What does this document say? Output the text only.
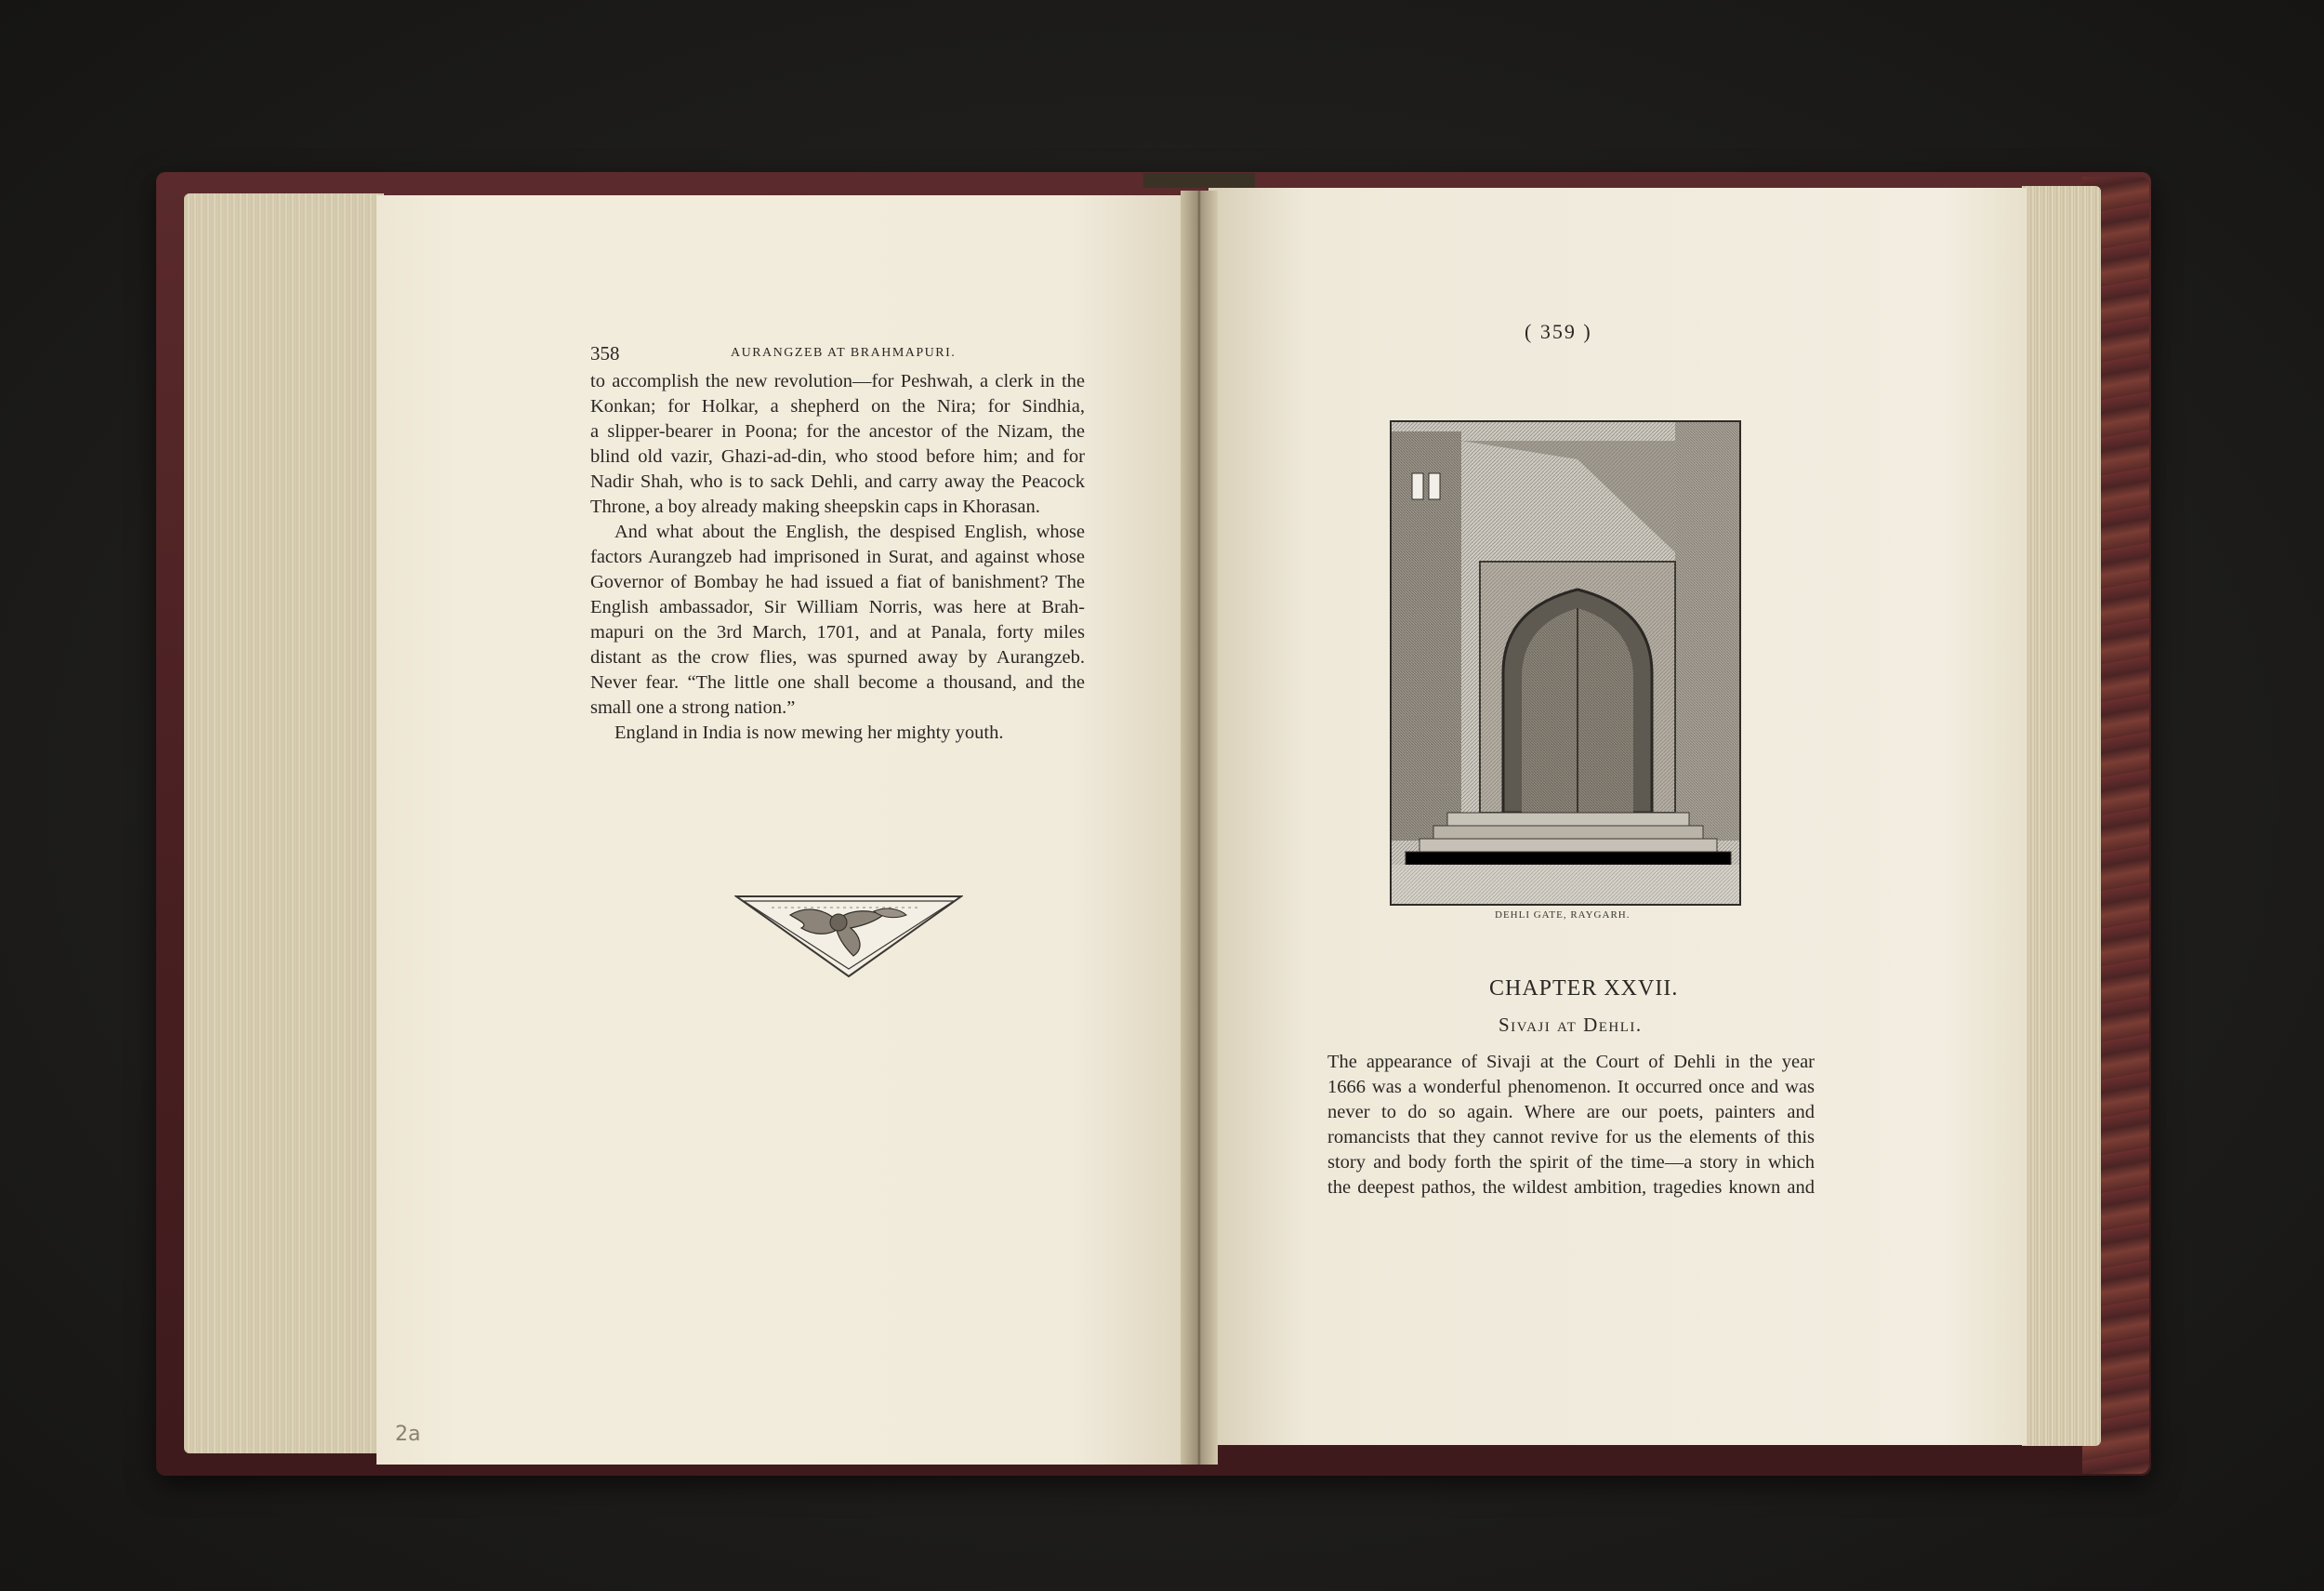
358	AURANGZEB AT BRAHMAPURI.

to accomplish the new revolution—for Peshwah, a clerk in the

Konkan; for Holkar, a shepherd on the Nira; for Sindhia,

a slipper-bearer in Poona; for the ancestor of the Nizam, the

blind old vazir, Ghazi-ad-din, who stood before him; and for

Nadir Shah, who is to sack Dehli, and carry away the Peacock

Throne, a boy already making sheepskin caps in Khorasan.

And what about the English, the despised English, whose

factors Aurangzeb had imprisoned in Surat, and against whose

Governor of Bombay he had issued a fiat of banishment? The

English ambassador, Sir William Norris, was here at Brah-

mapuri on the 3rd March, 1701, and at Panala, forty miles

distant as the crow flies, was spurned away by Aurangzeb.

Never fear. “The little one shall become a thousand, and the

small one a strong nation.”

England in India is now mewing her mighty youth.

( 359 )
DEHLI GATE, RAYGARH.
CHAPTER XXVII.
Sivaji at Dehli.

The appearance of Sivaji at the Court of Dehli in the year

1666 was a wonderful phenomenon. It occurred once and was

never to do so again. Where are our poets, painters and

romancists that they cannot revive for us the elements of this

story and body forth the spirit of the time—a story in which

the deepest pathos, the wildest ambition, tragedies known and

2a
